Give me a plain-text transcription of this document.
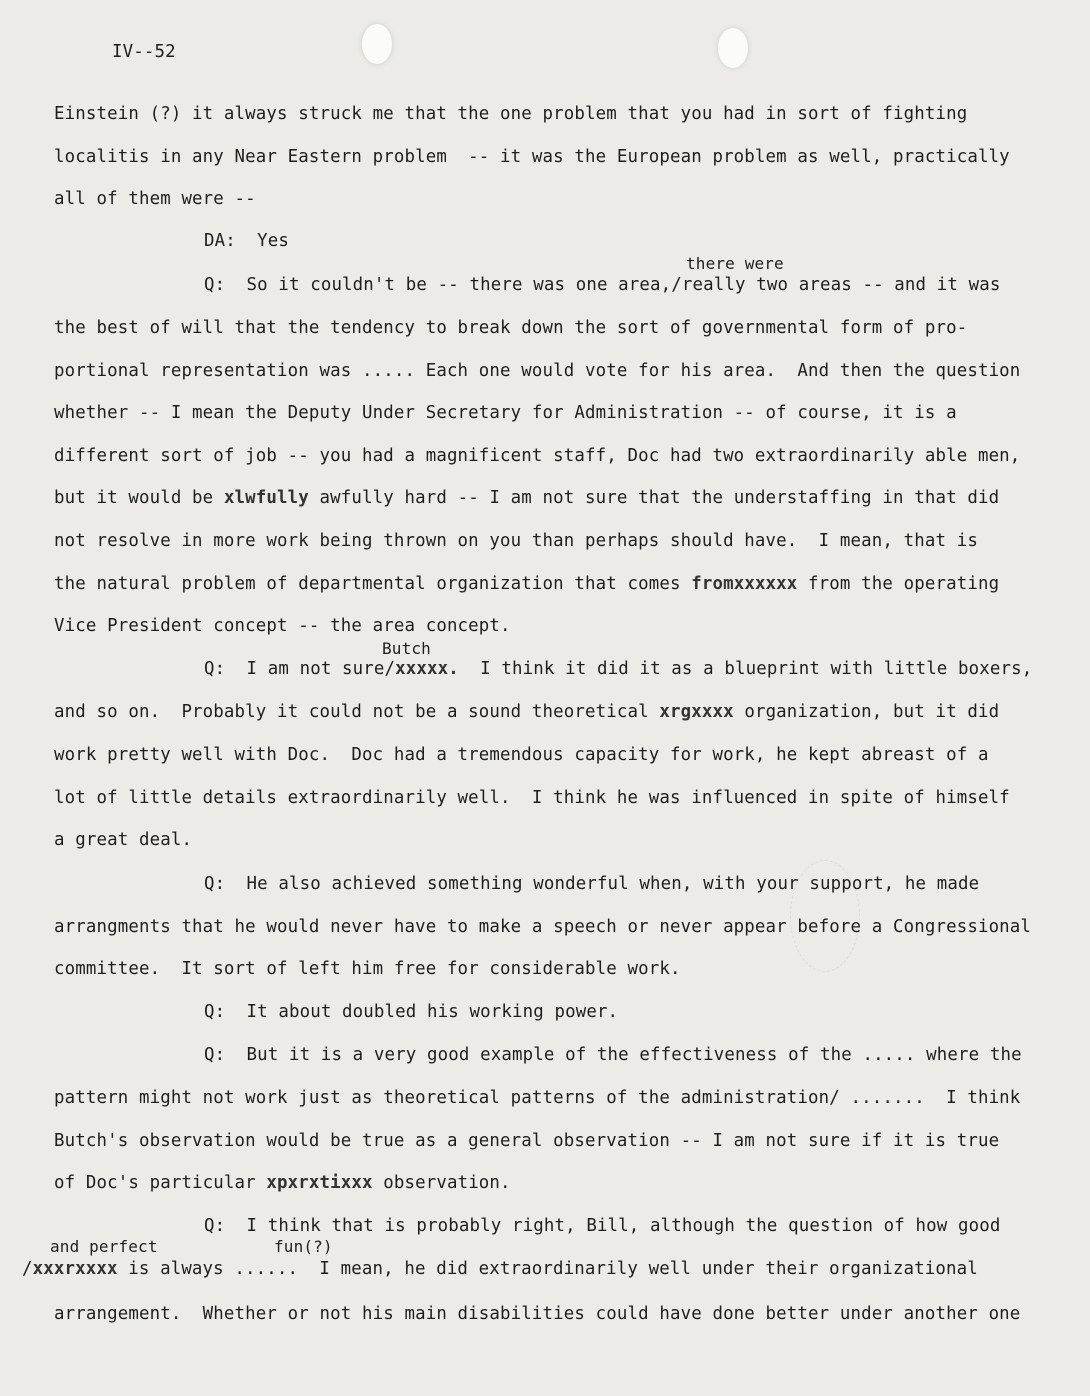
IV--52
Einstein (?) it always struck me that the one problem that you had in sort of fighting
localitis in any Near Eastern problem  -- it was the European problem as well, practically
all of them were --
DA:  Yes
there were
Q:  So it couldn't be -- there was one area,/really two areas -- and it was
the best of will that the tendency to break down the sort of governmental form of pro-
portional representation was ..... Each one would vote for his area.  And then the question
whether -- I mean the Deputy Under Secretary for Administration -- of course, it is a
different sort of job -- you had a magnificent staff, Doc had two extraordinarily able men,
but it would be xlwfully awfully hard -- I am not sure that the understaffing in that did
not resolve in more work being thrown on you than perhaps should have.  I mean, that is
the natural problem of departmental organization that comes fromxxxxxx from the operating
Vice President concept -- the area concept.
Butch
Q:  I am not sure/xxxxx.  I think it did it as a blueprint with little boxers,
and so on.  Probably it could not be a sound theoretical xrgxxxx organization, but it did
work pretty well with Doc.  Doc had a tremendous capacity for work, he kept abreast of a
lot of little details extraordinarily well.  I think he was influenced in spite of himself
a great deal.
Q:  He also achieved something wonderful when, with your support, he made
arrangments that he would never have to make a speech or never appear before a Congressional
committee.  It sort of left him free for considerable work.
Q:  It about doubled his working power.
Q:  But it is a very good example of the effectiveness of the ..... where the
pattern might not work just as theoretical patterns of the administration/ .......  I think
Butch's observation would be true as a general observation -- I am not sure if it is true
of Doc's particular xpxrxtixxx observation.
Q:  I think that is probably right, Bill, although the question of how good
and perfect	fun(?)
/xxxrxxxx is always ......  I mean, he did extraordinarily well under their organizational
arrangement.  Whether or not his main disabilities could have done better under another one
